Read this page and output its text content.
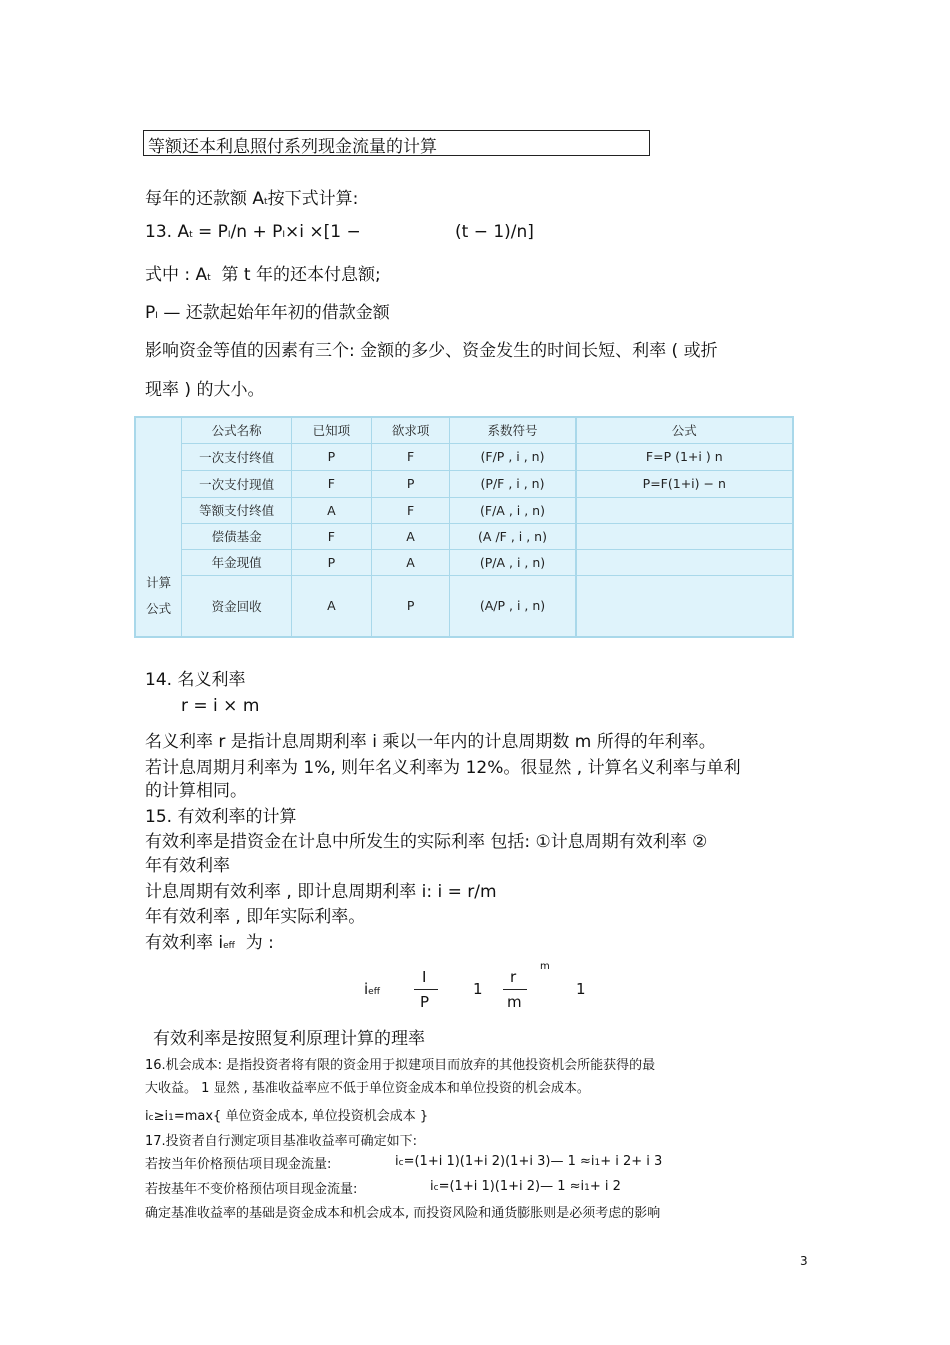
等额还本利息照付系列现金流量的计算
每年的还款额 At按下式计算:
13. At = PI/n + PI×i ×[1 −	(t − 1)/n]
式中 : At 第 t 年的还本付息额;
PI — 还款起始年年初的借款金额
影响资金等值的因素有三个: 金额的多少、资金发生的时间长短、利率 ( 或折
现率 ) 的大小。
计算
公式	公式名称	已知项	欲求项	系数符号	公式
	一次支付终值	P	F	(F/P , i , n)	F=P (1+i ) n
	一次支付现值	F	P	(P/F , i , n)	P=F(1+i) − n
	等额支付终值	A	F	(F/A , i , n)	
	偿债基金	F	A	(A /F , i , n)	
	年金现值	P	A	(P/A , i , n)	
	资金回收	A	P	(A/P , i , n)	
14. 名义利率
r = i × m
名义利率 r 是指计息周期利率 i 乘以一年内的计息周期数 m 所得的年利率。
若计息周期月利率为 1%, 则年名义利率为 12%。很显然 , 计算名义利率与单利
的计算相同。
15. 有效利率的计算
有效利率是措资金在计息中所发生的实际利率 包括: ①计息周期有效利率 ②
年有效利率
计息周期有效利率 , 即计息周期利率 i: i = r/m
年有效利率 , 即年实际利率。
有效利率 ieff 为 :
ieff
I
P
1
r
m
m
1
有效利率是按照复利原理计算的理率
16.机会成本: 是指投资者将有限的资金用于拟建项目而放弃的其他投资机会所能获得的最
大收益。 1 显然 , 基准收益率应不低于单位资金成本和单位投资的机会成本。
ic≥i1=max{ 单位资金成本, 单位投资机会成本 }
17.投资者自行测定项目基准收益率可确定如下:
若按当年价格预估项目现金流量:	ic=(1+i 1)(1+i 2)(1+i 3)— 1 ≈i1+ i 2+ i 3
若按基年不变价格预估项目现金流量:	ic=(1+i 1)(1+i 2)— 1 ≈i1+ i 2
确定基准收益率的基础是资金成本和机会成本, 而投资风险和通货膨胀则是必须考虑的影响
3
